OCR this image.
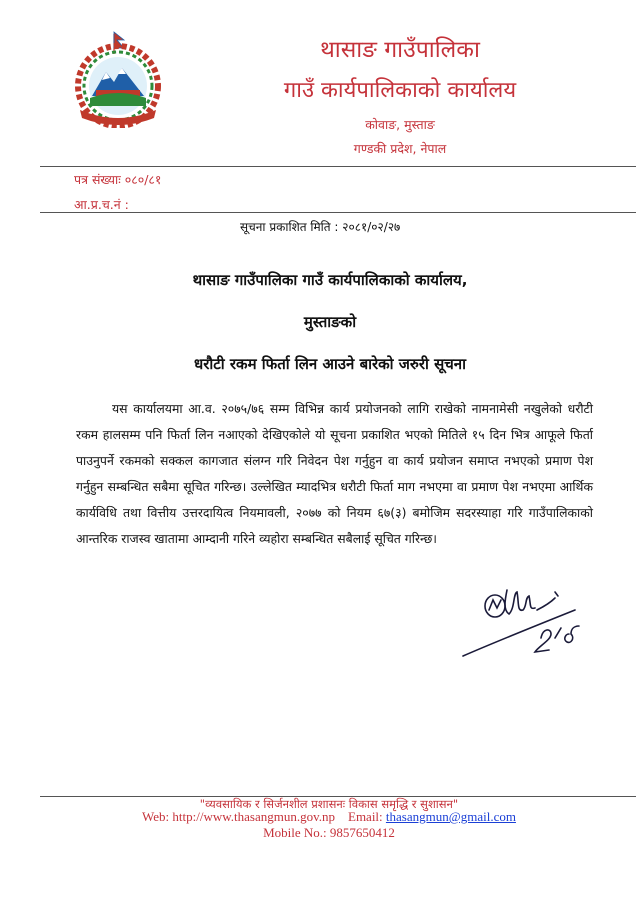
थासाङ गाउँपालिका
गाउँ कार्यपालिकाको कार्यालय
कोवाङ, मुस्ताङ
गण्डकी प्रदेश, नेपाल
पत्र संख्याः ०८०/८१
आ.प्र.च.नं :
सूचना प्रकाशित मिति : २०८१/०२/२७
थासाङ गाउँपालिका गाउँ कार्यपालिकाको कार्यालय,
मुस्ताङको
धरौटी रकम फिर्ता लिन आउने बारेको जरुरी सूचना
यस कार्यालयमा आ.व. २०७५/७६ सम्म विभिन्न कार्य प्रयोजनको लागि राखेको नामनामेसी नखुलेको धरौटी रकम हालसम्म पनि फिर्ता लिन नआएको देखिएकोले यो सूचना प्रकाशित भएको मितिले १५ दिन भित्र आफूले फिर्ता पाउनुपर्ने रकमको सक्कल कागजात संलग्न गरि निवेदन पेश गर्नुहुन वा कार्य प्रयोजन समाप्त नभएको प्रमाण पेश गर्नुहुन सम्बन्धित सबैमा सूचित गरिन्छ। उल्लेखित म्यादभित्र धरौटी फिर्ता माग नभएमा वा प्रमाण पेश नभएमा आर्थिक कार्यविधि तथा वित्तीय उत्तरदायित्व नियमावली, २०७७ को नियम ६७(३) बमोजिम सदरस्याहा गरि गाउँपालिकाको आन्तरिक राजस्व खातामा आम्दानी गरिने व्यहोरा सम्बन्धित सबैलाई सूचित गरिन्छ।
"व्यवसायिक र सिर्जनशील प्रशासनः विकास समृद्धि र सुशासन"
Web: http://www.thasangmun.gov.np Email: thasangmun@gmail.com
Mobile No.: 9857650412
